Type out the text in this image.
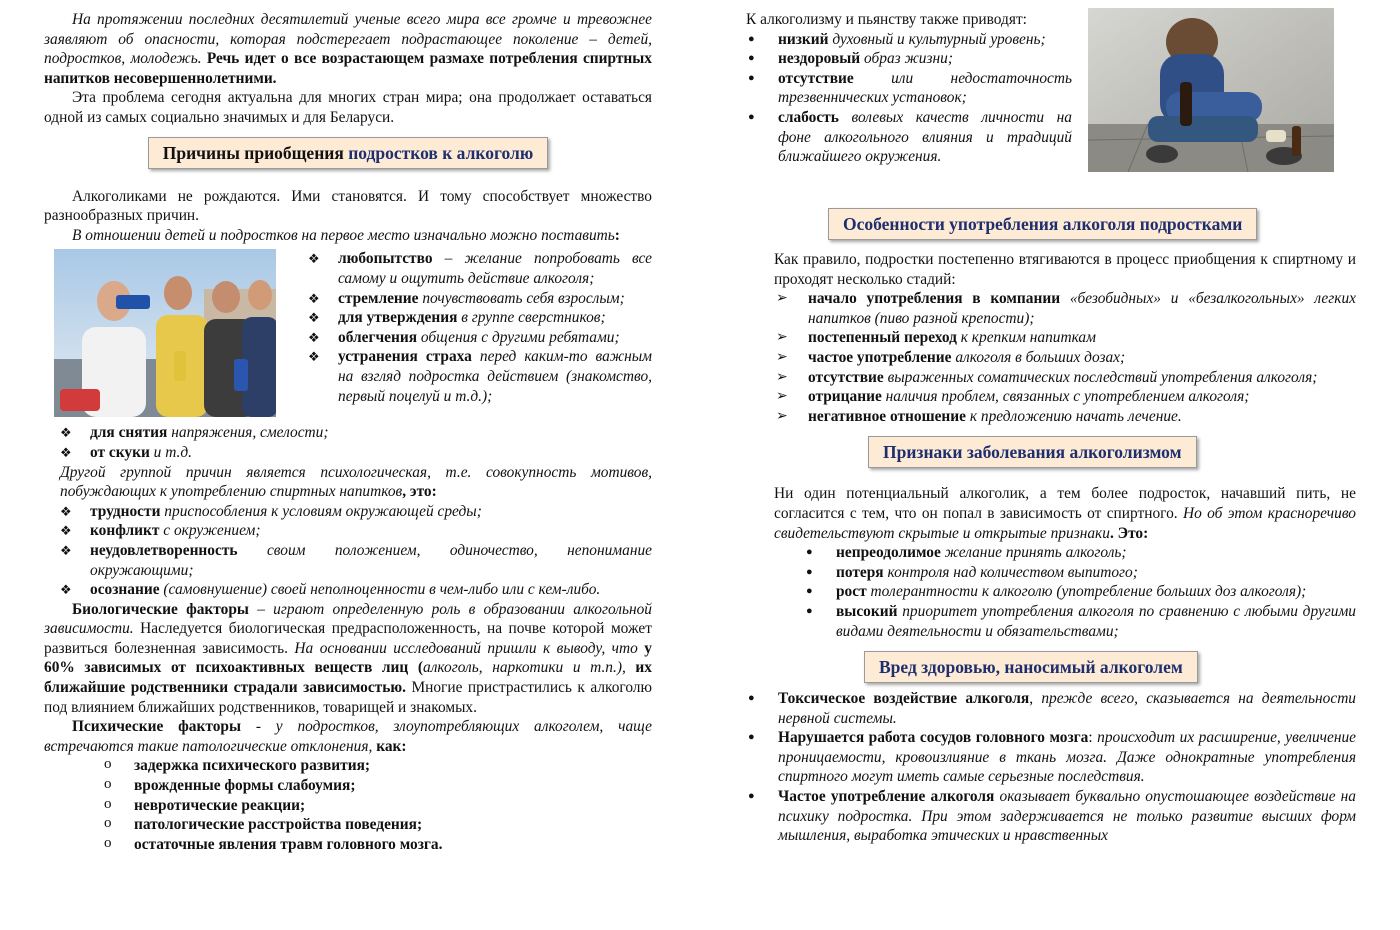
На протяжении последних десятилетий ученые всего мира все громче и тревожнее заявляют об опасности, которая подстерегает подрастающее поколение – детей, подростков, молодежь. Речь идет о все возрастающем размахе потребления спиртных напитков несовершеннолетними.

Эта проблема сегодня актуальна для многих стран мира; она продолжает оставаться одной из самых социально значимых и для Беларуси.

Причины приобщения подростков к алкоголю

Алкоголиками не рождаются. Ими становятся. И тому способствует множество разнообразных причин.

В отношении детей и подростков на первое место изначально можно поставить:

❖ любопытство – желание попробовать все самому и ощутить действие алкоголя;
❖ стремление почувствовать себя взрослым;
❖ для утверждения в группе сверстников;
❖ облегчения общения с другими ребятами;
❖ устранения страха перед каким-то важным на взгляд подростка действием (знакомство, первый поцелуй и т.д.);
❖ для снятия напряжения, смелости;
❖ от скуки и т.д.

Другой группой причин является психологическая, т.е. совокупность мотивов, побуждающих к употреблению спиртных напитков, это:

❖ трудности приспособления к условиям окружающей среды;
❖ конфликт с окружением;
❖ неудовлетворенность своим положением, одиночество, непонимание окружающими;
❖ осознание (самовнушение) своей неполноценности в чем-либо или с кем-либо.

Биологические факторы – играют определенную роль в образовании алкогольной зависимости. Наследуется биологическая предрасположенность, на почве которой может развиться болезненная зависимость. На основании исследований пришли к выводу, что у 60% зависимых от психоактивных веществ лиц (алкоголь, наркотики и т.п.), их ближайшие родственники страдали зависимостью. Многие пристрастились к алкоголю под влиянием ближайших родственников, товарищей и знакомых.

Психические факторы - у подростков, злоупотребляющих алкоголем, чаще встречаются такие патологические отклонения, как:

o задержка психического развития;
o врожденные формы слабоумия;
o невротические реакции;
o патологические расстройства поведения;
o остаточные явления травм головного мозга.

К алкоголизму и пьянству также приводят:

● низкий духовный и культурный уровень;
● нездоровый образ жизни;
● отсутствие или недостаточность трезвеннических установок;
● слабость волевых качеств личности на фоне алкогольного влияния и традиций ближайшего окружения.
Особенности употребления алкоголя подростками

Как правило, подростки постепенно втягиваются в процесс приобщения к спиртному и проходят несколько стадий:

➢ начало употребления в компании «безобидных» и «безалкогольных» легких напитков (пиво разной крепости);
➢ постепенный переход к крепким напиткам
➢ частое употребление алкоголя в больших дозах;
➢ отсутствие выраженных соматических последствий употребления алкоголя;
➢ отрицание наличия проблем, связанных с употреблением алкоголя;
➢ негативное отношение к предложению начать лечение.
Признаки заболевания алкоголизмом

Ни один потенциальный алкоголик, а тем более подросток, начавший пить, не согласится с тем, что он попал в зависимость от спиртного. Но об этом красноречиво свидетельствуют скрытые и открытые признаки. Это:

● непреодолимое желание принять алкоголь;
● потеря контроля над количеством выпитого;
● рост толерантности к алкоголю (употребление больших доз алкоголя);
● высокий приоритет употребления алкоголя по сравнению с любыми другими видами деятельности и обязательствами;
Вред здоровью, наносимый алкоголем
● Токсическое воздействие алкоголя, прежде всего, сказывается на деятельности нервной системы.
● Нарушается работа сосудов головного мозга: происходит их расширение, увеличение проницаемости, кровоизлияние в ткань мозга. Даже однократные употребления спиртного могут иметь самые серьезные последствия.
● Частое употребление алкоголя оказывает буквально опустошающее воздействие на психику подростка. При этом задерживается не только развитие высших форм мышления, выработка этических и нравственных
